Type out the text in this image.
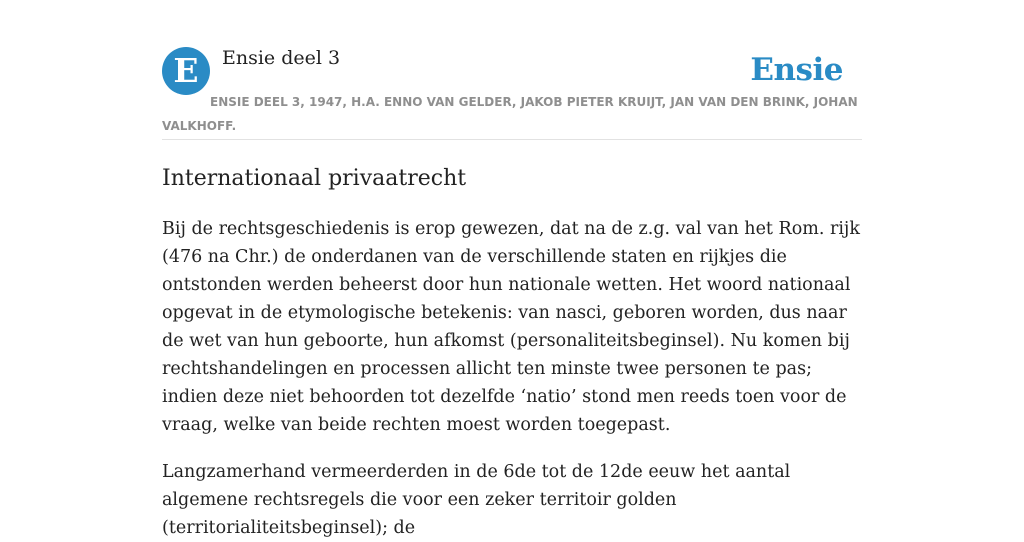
E	Ensie deel 3	Ensie
ENSIE DEEL 3, 1947, H.A. ENNO VAN GELDER, JAKOB PIETER KRUIJT, JAN VAN DEN BRINK, JOHAN VALKHOFF.
Internationaal privaatrecht

Bij de rechtsgeschiedenis is erop gewezen, dat na de z.g. val van het Rom. rijk (476 na Chr.) de onderdanen van de verschillende staten en rijkjes die ontstonden werden beheerst door hun nationale wetten. Het woord nationaal opgevat in de etymologische betekenis: van nasci, geboren worden, dus naar de wet van hun geboorte, hun afkomst (personaliteitsbeginsel). Nu komen bij rechtshandelingen en processen allicht ten minste twee personen te pas; indien deze niet behoorden tot dezelfde ‘natio’ stond men reeds toen voor de vraag, welke van beide rechten moest worden toegepast.

Langzamerhand vermeerderden in de 6de tot de 12de eeuw het aantal algemene rechtsregels die voor een zeker territoir golden (territorialiteitsbeginsel); de
